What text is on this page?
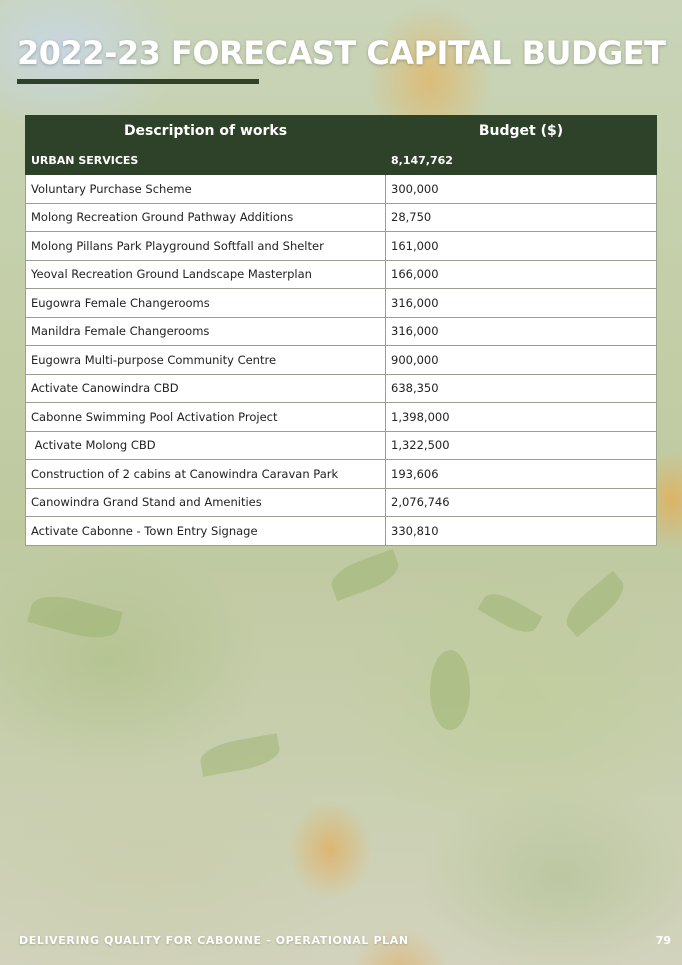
2022-23 FORECAST CAPITAL BUDGET
Description of works	Budget ($)
URBAN SERVICES	8,147,762
Voluntary Purchase Scheme	300,000
Molong Recreation Ground Pathway Additions	28,750
Molong Pillans Park Playground Softfall and Shelter	161,000
Yeoval Recreation Ground Landscape Masterplan	166,000
Eugowra Female Changerooms	316,000
Manildra Female Changerooms	316,000
Eugowra Multi-purpose Community Centre	900,000
Activate Canowindra CBD	638,350
Cabonne Swimming Pool Activation Project	1,398,000
Activate Molong CBD	1,322,500
Construction of 2 cabins at Canowindra Caravan Park	193,606
Canowindra Grand Stand and Amenities	2,076,746
Activate Cabonne - Town Entry Signage	330,810
DELIVERING QUALITY FOR CABONNE - OPERATIONAL PLAN	79
